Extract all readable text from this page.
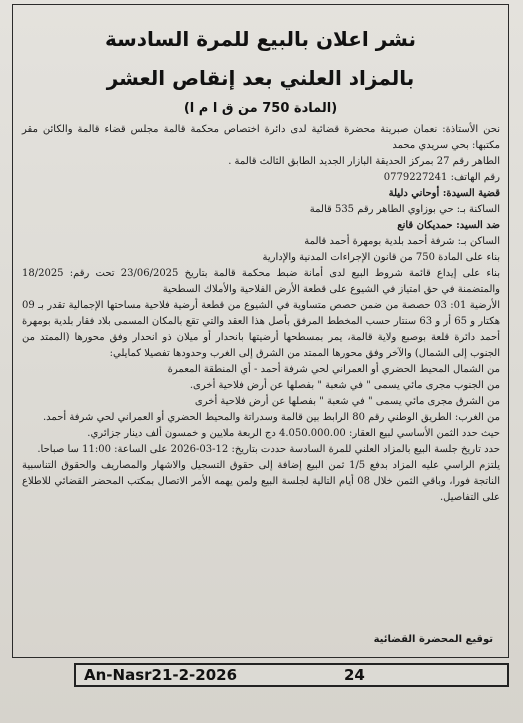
نشر اعلان بالبيع للمرة السادسة
بالمزاد العلني بعد إنقاص العشر
(المادة 750 من ق ا م ا)

نحن الأستاذة: نعمان صبرينة محضرة قضائية لدى دائرة اختصاص محكمة قالمة مجلس قضاء قالمة والكائن مقر مكتبها: بحي سريدي محمد

الطاهر رقم 27 بمركز الحديقة البازار الجديد الطابق الثالث قالمة .

رقم الهاتف: 0779227241

قضية السيدة: أوحاني دليلة

الساكنة بـ: حي بوزاوي الطاهر رقم 535 قالمة

ضد السيد: حمديكان قانع

الساكن بـ: شرفة أحمد بلدية بومهرة أحمد قالمة

بناء على المادة 750 من قانون الإجراءات المدنية والإدارية

بناء على إيداع قائمة شروط البيع لدى أمانة ضبط محكمة قالمة بتاريخ 23/06/2025 تحت رقم: 18/2025 والمتضمنة في حق امتياز في الشيوع على قطعة الأرض الفلاحية والأملاك السطحية

الأرضية 01: 03 حصصة من ضمن حصص متساوية في الشيوع من قطعة أرضية فلاحية مساحتها الإجمالية تقدر بـ 09 هكتار و 65 أر و 63 سنتار حسب المخطط المرفق بأصل هذا العقد والتي تقع بالمكان المسمى بلاد فقار بلدية بومهرة أحمد دائرة قلعة بوصبع ولاية قالمة، يمر بمسطحها أرضيتها بانحدار أو ميلان ذو انحدار وفق محورها (الممتد من الجنوب إلى الشمال) والآخر وفق محورها الممتد من الشرق إلى الغرب وحدودها تفصيلا كمايلي:

من الشمال المحيط الحضري أو العمراني لحي شرفة أحمد - أي المنطقة المعمرة

من الجنوب مجرى مائي يسمى " في شعبة " بفصلها عن أرض فلاحية أخرى.

من الشرق مجرى مائي يسمى " في شعبة " بفصلها عن أرض فلاحية أخرى

من الغرب: الطريق الوطني رقم 80 الرابط بين قالمة وسدراتة والمحيط الحضري أو العمراني لحي شرفة أحمد.

حيث حدد الثمن الأساسي لبيع العقار: 4.050.000.00 دج الربعة ملايين و خمسون ألف دينار جزائري.

حدد تاريخ جلسة البيع بالمزاد العلني للمرة السادسة حددت بتاريخ: 12-03-2026 على الساعة: 11:00 سا صباحا.

يلتزم الراسي عليه المزاد بدفع 1/5 ثمن البيع إضافة إلى حقوق التسجيل والاشهار والمصاريف والحقوق التناسبية الناتجة فورا، وباقي الثمن خلال 08 أيام التالية لجلسة البيع ولمن يهمه الأمر الاتصال بمكتب المحضر القضائي للاطلاع على التفاصيل.

توقيع المحضرة القضائية
An-Nasr21-2-2026	24
